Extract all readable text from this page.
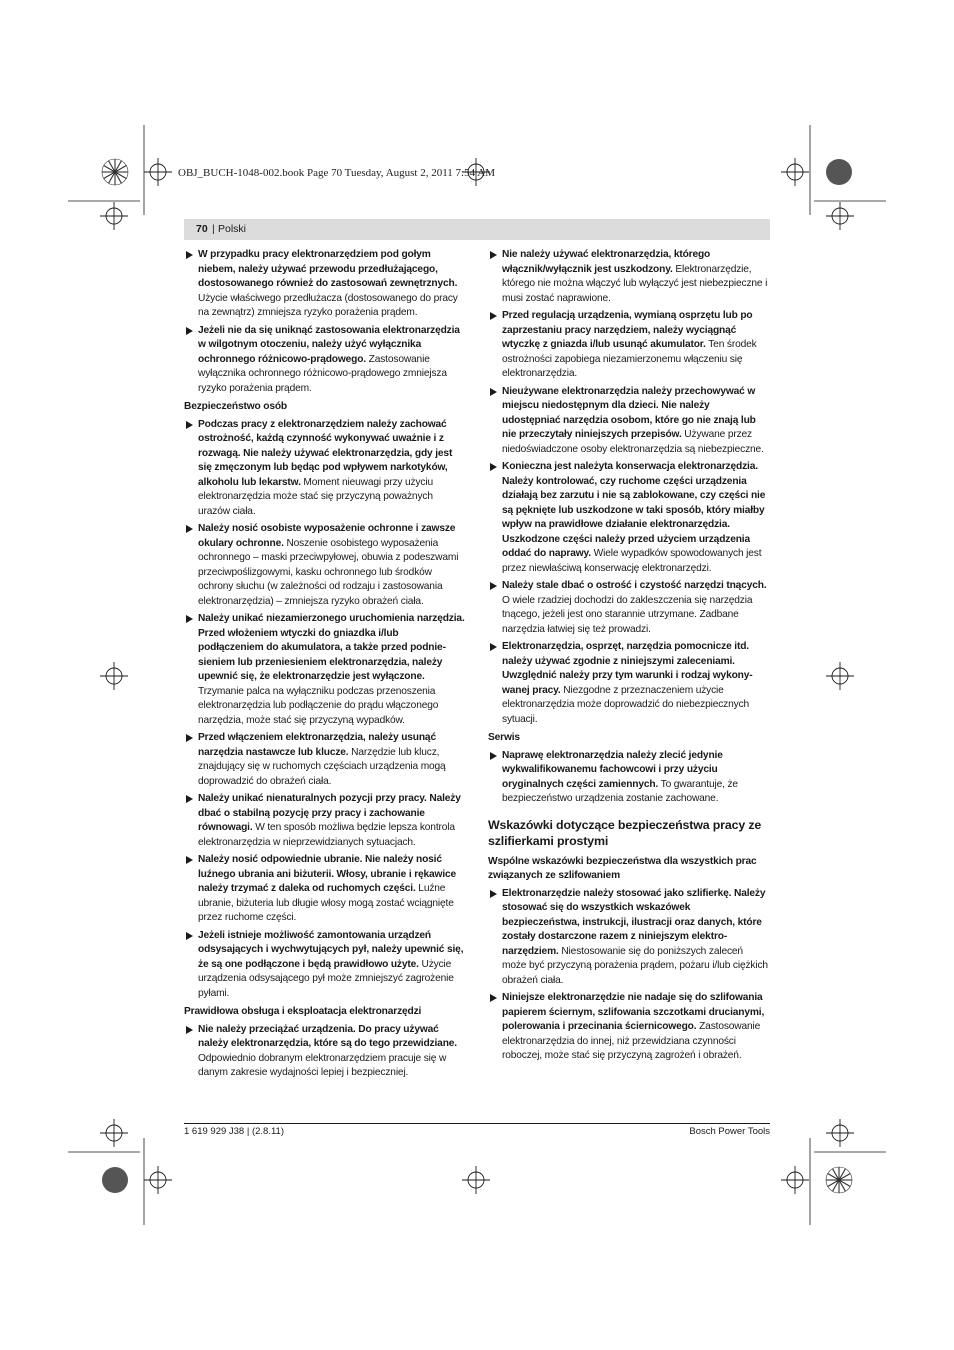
OBJ_BUCH-1048-002.book Page 70 Tuesday, August 2, 2011 7:54 AM
70 | Polski
W przypadku pracy elektronarzędziem pod gołym niebem, należy używać przewodu przedłużającego, dostosowanego również do zastosowań zewnętrznych. Użycie właściwego przedłużacza (dostosowanego do pracy na zewnątrz) zmniejsza ryzyko porażenia prądem.
Jeżeli nie da się uniknąć zastosowania elektronarzędzia w wilgotnym otoczeniu, należy użyć wyłącznika ochronnego różnicowo-prądowego. Zastosowanie wyłącznika ochronnego różnicowo-prądowego zmniejsza ryzyko porażenia prądem.
Bezpieczeństwo osób
Podczas pracy z elektronarzędziem należy zachować ostrożność, każdą czynność wykonywać uważnie i z rozwagą. Nie należy używać elektronarzędzia, gdy jest się zmęczonym lub będąc pod wpływem narkotyków, alkoholu lub lekarstw. Moment nieuwagi przy użyciu elektronarzędzia może stać się przyczyną poważnych urazów ciała.
Należy nosić osobiste wyposażenie ochronne i zawsze okulary ochronne. Noszenie osobistego wyposażenia ochronnego – maski przeciwpyłowej, obuwia z podeszwami przeciwpoślizgowymi, kasku ochronnego lub środków ochrony słuchu (w zależności od rodzaju i zastosowania elektronarzędzia) – zmniejsza ryzyko obrażeń ciała.
Należy unikać niezamierzonego uruchomienia narzędzia. Przed włożeniem wtyczki do gniazdka i/lub podłączeniem do akumulatora, a także przed podniesieniem lub przeniesieniem elektronarzędzia, należy upewnić się, że elektronarzędzie jest wyłączone. Trzymanie palca na wyłączniku podczas przenoszenia elektronarzędzia lub podłączenie do prądu włączonego narzędzia, może stać się przyczyną wypadków.
Przed włączeniem elektronarzędzia, należy usunąć narzędzia nastawcze lub klucze. Narzędzie lub klucz, znajdujący się w ruchomych częściach urządzenia mogą doprowadzić do obrażeń ciała.
Należy unikać nienaturalnych pozycji przy pracy. Należy dbać o stabilną pozycję przy pracy i zachowanie równowagi. W ten sposób możliwa będzie lepsza kontrola elektronarzędzia w nieprzewidzianych sytuacjach.
Należy nosić odpowiednie ubranie. Nie należy nosić luźnego ubrania ani biżuterii. Włosy, ubranie i rękawice należy trzymać z daleka od ruchomych części. Luźne ubranie, biżuteria lub długie włosy mogą zostać wciągnięte przez ruchome części.
Jeżeli istnieje możliwość zamontowania urządzeń odsysających i wychwytujących pył, należy upewnić się, że są one podłączone i będą prawidłowo użyte. Użycie urządzenia odsysającego pył może zmniejszyć zagrożenie pyłami.
Prawidłowa obsługa i eksploatacja elektronarzędzi
Nie należy przeciążać urządzenia. Do pracy używać należy elektronarzędzia, które są do tego przewidziane. Odpowiednio dobranym elektronarzędziem pracuje się w danym zakresie wydajności lepiej i bezpieczniej.
Nie należy używać elektronarzędzia, którego włącznik/wyłącznik jest uszkodzony. Elektronarzędzie, którego nie można włączyć lub wyłączyć jest niebezpieczne i musi zostać naprawione.
Przed regulacją urządzenia, wymianą osprzętu lub po zaprzestaniu pracy narzędziem, należy wyciągnąć wtyczkę z gniazda i/lub usunąć akumulator. Ten środek ostrożności zapobiega niezamierzonemu włączeniu się elektronarzędzia.
Nieużywane elektronarzędzia należy przechowywać w miejscu niedostępnym dla dzieci. Nie należy udostępniać narzędzia osobom, które go nie znają lub nie przeczytały niniejszych przepisów. Używane przez niedoświadczone osoby elektronarzędzia są niebezpieczne.
Konieczna jest należyta konserwacja elektronarzędzia. Należy kontrolować, czy ruchome części urządzenia działają bez zarzutu i nie są zablokowane, czy części nie są pęknięte lub uszkodzone w taki sposób, który miałby wpływ na prawidłowe działanie elektronarzędzia. Uszkodzone części należy przed użyciem urządzenia oddać do naprawy. Wiele wypadków spowodowanych jest przez niewłaściwą konserwację elektronarzędzi.
Należy stale dbać o ostrość i czystość narzędzi tnących. O wiele rzadziej dochodzi do zakleszczenia się narzędzia tnącego, jeżeli jest ono starannie utrzymane. Zadbane narzędzia łatwiej się też prowadzi.
Elektronarzędzia, osprzęt, narzędzia pomocnicze itd. należy używać zgodnie z niniejszymi zaleceniami. Uwzględnić należy przy tym warunki i rodzaj wykonywanej pracy. Niezgodne z przeznaczeniem użycie elektronarzędzia może doprowadzić do niebezpiecznych sytuacji.
Serwis
Naprawę elektronarzędzia należy zlecić jedynie wykwalifikowanemu fachowcowi i przy użyciu oryginalnych części zamiennych. To gwarantuje, że bezpieczeństwo urządzenia zostanie zachowane.
Wskazówki dotyczące bezpieczeństwa pracy ze szlifierkami prostymi
Wspólne wskazówki bezpieczeństwa dla wszystkich prac związanych ze szlifowaniem
Elektronarzędzie należy stosować jako szlifierkę. Należy stosować się do wszystkich wskazówek bezpieczeństwa, instrukcji, ilustracji oraz danych, które zostały dostarczone razem z niniejszym elektronarzędziem. Niestosowanie się do poniższych zaleceń może być przyczyną porażenia prądem, pożaru i/lub ciężkich obrażeń ciała.
Niniejsze elektronarzędzie nie nadaje się do szlifowania papierem ściernym, szlifowania szczotkami drucianymi, polerowania i przecinania ściernicowego. Zastosowanie elektronarzędzia do innej, niż przewidziana czynności roboczej, może stać się przyczyną zagrożeń i obrażeń.
1 619 929 J38 | (2.8.11)	Bosch Power Tools
